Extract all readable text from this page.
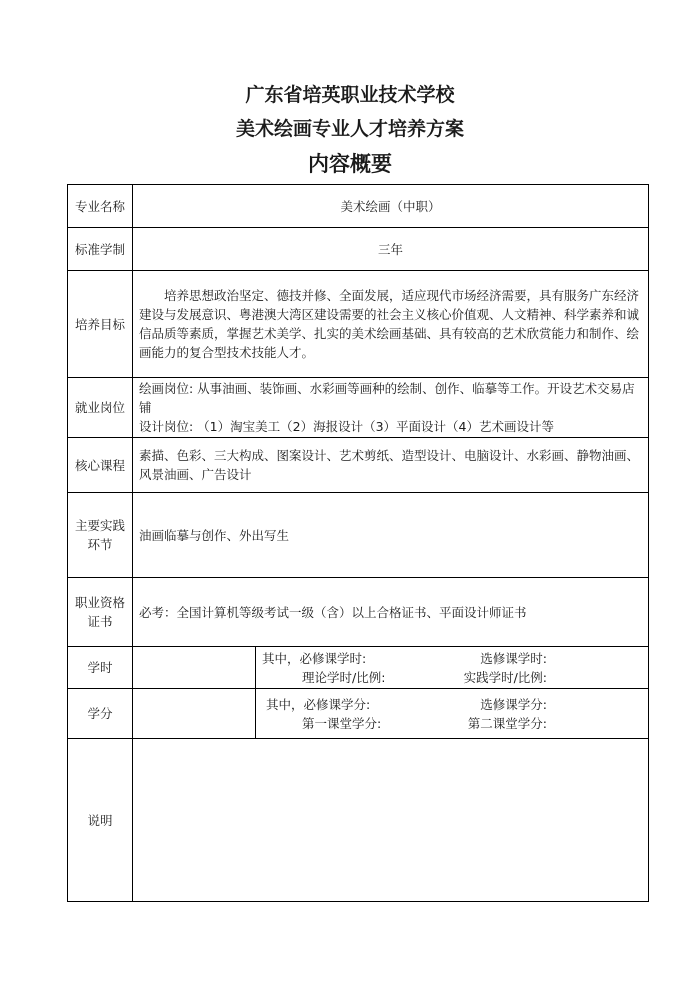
广东省培英职业技术学校
美术绘画专业人才培养方案
内容概要
专业名称	美术绘画（中职）	
标准学制	三年	
培养目标	培养思想政治坚定、德技并修、全面发展，适应现代市场经济需要，具有服务广东经济建设与发展意识、粤港澳大湾区建设需要的社会主义核心价值观、人文精神、科学素养和诚信品质等素质，掌握艺术美学、扎实的美术绘画基础、具有较高的艺术欣赏能力和制作、绘画能力的复合型技术技能人才。	
就业岗位	绘画岗位: 从事油画、装饰画、水彩画等画种的绘制、创作、临摹等工作。开设艺术交易店铺
设计岗位: （1）淘宝美工（2）海报设计（3）平面设计（4）艺术画设计等	

核心课程	素描、色彩、三大构成、图案设计、艺术剪纸、造型设计、电脑设计、水彩画、静物油画、风景油画、广告设计	

主要实践
环节	油画临摹与创作、外出写生	

职业资格
证书	必考：全国计算机等级考试一级（含）以上合格证书、平面设计师证书	
学时		其中，必修课学时: 选修课学时:
理论学时/比例: 实践学时/比例:

学分		其中，必修课学分: 选修课学分:
第一课堂学分: 第二课堂学分:

说明		
